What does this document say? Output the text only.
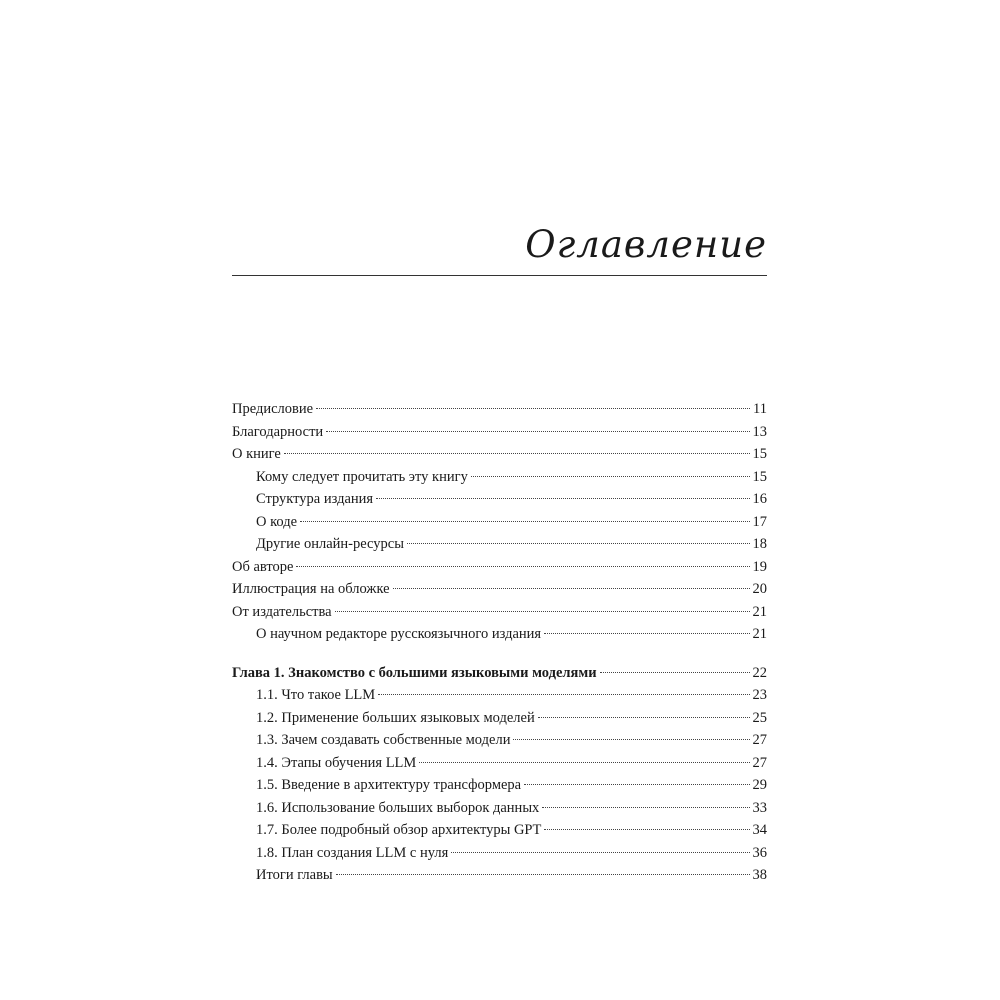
Оглавление
Предисловие	11
Благодарности	13
О книге	15
Кому следует прочитать эту книгу	15
Структура издания	16
О коде	17
Другие онлайн-ресурсы	18
Об авторе	19
Иллюстрация на обложке	20
От издательства	21
О научном редакторе русскоязычного издания	21
Глава 1. Знакомство с большими языковыми моделями	22
1.1. Что такое LLM	23
1.2. Применение больших языковых моделей	25
1.3. Зачем создавать собственные модели	27
1.4. Этапы обучения LLM	27
1.5. Введение в архитектуру трансформера	29
1.6. Использование больших выборок данных	33
1.7. Более подробный обзор архитектуры GPT	34
1.8. План создания LLM с нуля	36
Итоги главы	38
